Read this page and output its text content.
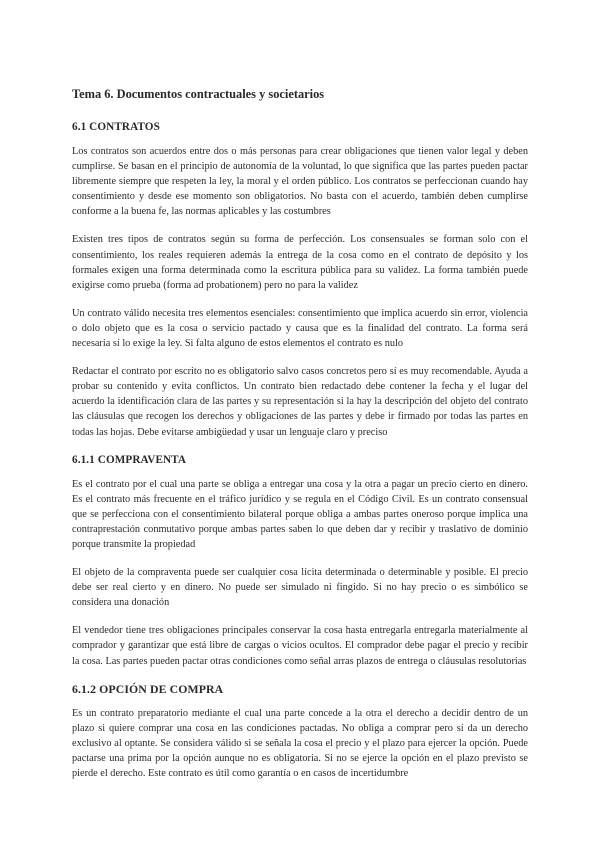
Tema 6. Documentos contractuales y societarios
6.1 CONTRATOS

Los contratos son acuerdos entre dos o más personas para crear obligaciones que tienen valor legal y deben cumplirse. Se basan en el principio de autonomía de la voluntad, lo que significa que las partes pueden pactar libremente siempre que respeten la ley, la moral y el orden público. Los contratos se perfeccionan cuando hay consentimiento y desde ese momento son obligatorios. No basta con el acuerdo, también deben cumplirse conforme a la buena fe, las normas aplicables y las costumbres

Existen tres tipos de contratos según su forma de perfección. Los consensuales se forman solo con el consentimiento, los reales requieren además la entrega de la cosa como en el contrato de depósito y los formales exigen una forma determinada como la escritura pública para su validez. La forma también puede exigirse como prueba (forma ad probationem) pero no para la validez

Un contrato válido necesita tres elementos esenciales: consentimiento que implica acuerdo sin error, violencia o dolo objeto que es la cosa o servicio pactado y causa que es la finalidad del contrato. La forma será necesaria sí lo exige la ley. Si falta alguno de estos elementos el contrato es nulo

Redactar el contrato por escrito no es obligatorio salvo casos concretos pero sí es muy recomendable. Ayuda a probar su contenido y evita conflictos. Un contrato bien redactado debe contener la fecha y el lugar del acuerdo la identificación clara de las partes y su representación si la hay la descripción del objeto del contrato las cláusulas que recogen los derechos y obligaciones de las partes y debe ir firmado por todas las partes en todas las hojas. Debe evitarse ambigüedad y usar un lenguaje claro y preciso

6.1.1 COMPRAVENTA

Es el contrato por el cual una parte se obliga a entregar una cosa y la otra a pagar un precio cierto en dinero. Es el contrato más frecuente en el tráfico jurídico y se regula en el Código Civil. Es un contrato consensual que se perfecciona con el consentimiento bilateral porque obliga a ambas partes oneroso porque implica una contraprestación conmutativo porque ambas partes saben lo que deben dar y recibir y traslativo de dominio porque transmite la propiedad

El objeto de la compraventa puede ser cualquier cosa lícita determinada o determinable y posible. El precio debe ser real cierto y en dinero. No puede ser simulado ni fingido. Si no hay precio o es simbólico se considera una donación

El vendedor tiene tres obligaciones principales conservar la cosa hasta entregarla entregarla materialmente al comprador y garantizar que está libre de cargas o vicios ocultos. El comprador debe pagar el precio y recibir la cosa. Las partes pueden pactar otras condiciones como señal arras plazos de entrega o cláusulas resolutorias

6.1.2 OPCIÓN DE COMPRA

Es un contrato preparatorio mediante el cual una parte concede a la otra el derecho a decidir dentro de un plazo si quiere comprar una cosa en las condiciones pactadas. No obliga a comprar pero sí da un derecho exclusivo al optante. Se considera válido si se señala la cosa el precio y el plazo para ejercer la opción. Puede pactarse una prima por la opción aunque no es obligatoria. Si no se ejerce la opción en el plazo previsto se pierde el derecho. Este contrato es útil como garantía o en casos de incertidumbre
